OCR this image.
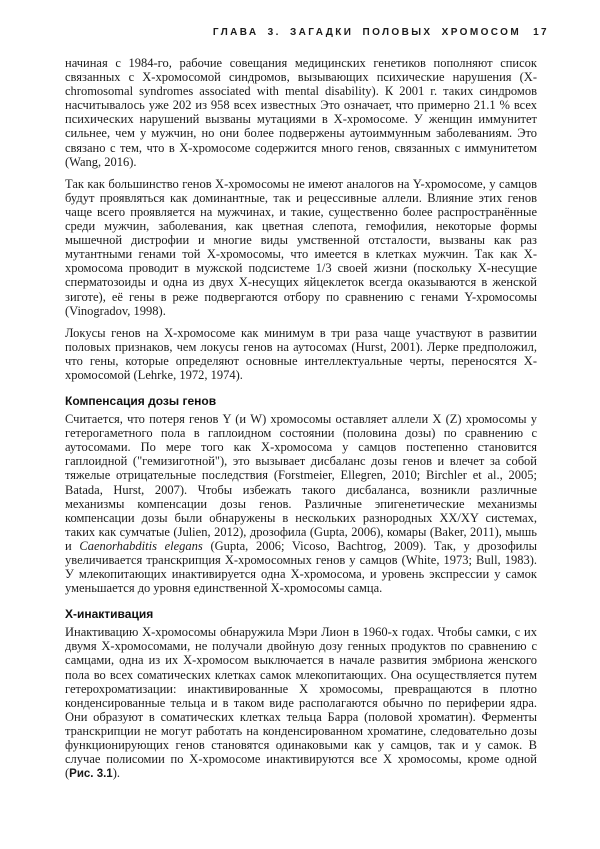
ГЛАВА 3. ЗАГАДКИ ПОЛОВЫХ ХРОМОСОМ 17

начиная с 1984-го, рабочие совещания медицинских генетиков пополняют список связанных с Х-хромосомой синдромов, вызывающих психические нарушения (X-chromosomal syndromes associated with mental disability). К 2001 г. таких синдромов насчитывалось уже 202 из 958 всех известных Это означает, что примерно 21.1 % всех психических нарушений вызваны мутациями в Х-хромосоме. У женщин иммунитет сильнее, чем у мужчин, но они более подвержены аутоиммунным заболеваниям. Это связано с тем, что в Х-хромосоме содержится много генов, связанных с иммунитетом (Wang, 2016).

Так как большинство генов Х-хромосомы не имеют аналогов на Y-хромосоме, у самцов будут проявляться как доминантные, так и рецессивные аллели. Влияние этих генов чаще всего проявляется на мужчинах, и такие, существенно более распространённые среди мужчин, заболевания, как цветная слепота, гемофилия, некоторые формы мышечной дистрофии и многие виды умственной отсталости, вызваны как раз мутантными генами той Х-хромосомы, что имеется в клетках мужчин. Так как Х-хромосома проводит в мужской подсистеме 1/3 своей жизни (поскольку Х-несущие сперматозоиды и одна из двух Х-несущих яйцеклеток всегда оказываются в женской зиготе), её гены в реже подвергаются отбору по сравнению с генами Y-хромосомы (Vinogradov, 1998).

Локусы генов на Х-хромосоме как минимум в три раза чаще участвуют в развитии половых признаков, чем локусы генов на аутосомах (Hurst, 2001). Лерке предположил, что гены, которые определяют основные интеллектуальные черты, переносятся Х-хромосомой (Lehrke, 1972, 1974).

Компенсация дозы генов

Считается, что потеря генов Y (и W) хромосомы оставляет аллели X (Z) хромосомы у гетерогаметного пола в гаплоидном состоянии (половина дозы) по сравнению с аутосомами. По мере того как Х-хромосома у самцов постепенно становится гаплоидной ("гемизиготной"), это вызывает дисбаланс дозы генов и влечет за собой тяжелые отрицательные последствия (Forstmeier, Ellegren, 2010; Birchler et al., 2005; Batada, Hurst, 2007). Чтобы избежать такого дисбаланса, возникли различные механизмы компенсации дозы генов. Различные эпигенетические механизмы компенсации дозы были обнаружены в нескольких разнородных XX/XY системах, таких как сумчатые (Julien, 2012), дрозофила (Gupta, 2006), комары (Baker, 2011), мышь и Caenorhabditis elegans (Gupta, 2006; Vicoso, Bachtrog, 2009). Так, у дрозофилы увеличивается транскрипция Х-хромосомных генов у самцов (White, 1973; Bull, 1983). У млекопитающих инактивируется одна Х-хромосома, и уровень экспрессии у самок уменьшается до уровня единственной Х-хромосомы самца.

Х-инактивация

Инактивацию Х-хромосомы обнаружила Мэри Лион в 1960-х годах. Чтобы самки, с их двумя Х-хромосомами, не получали двойную дозу генных продуктов по сравнению с самцами, одна из их Х-хромосом выключается в начале развития эмбриона женского пола во всех соматических клетках самок млекопитающих. Она осуществляется путем гетерохроматизации: инактивированные Х хромосомы, превращаются в плотно конденсированные тельца и в таком виде располагаются обычно по периферии ядра. Они образуют в соматических клетках тельца Барра (половой хроматин). Ферменты транскрипции не могут работать на конденсированном хроматине, следовательно дозы функционирующих генов становятся одинаковыми как у самцов, так и у самок. В случае полисомии по Х-хромосоме инактивируются все Х хромосомы, кроме одной (Рис. 3.1).
